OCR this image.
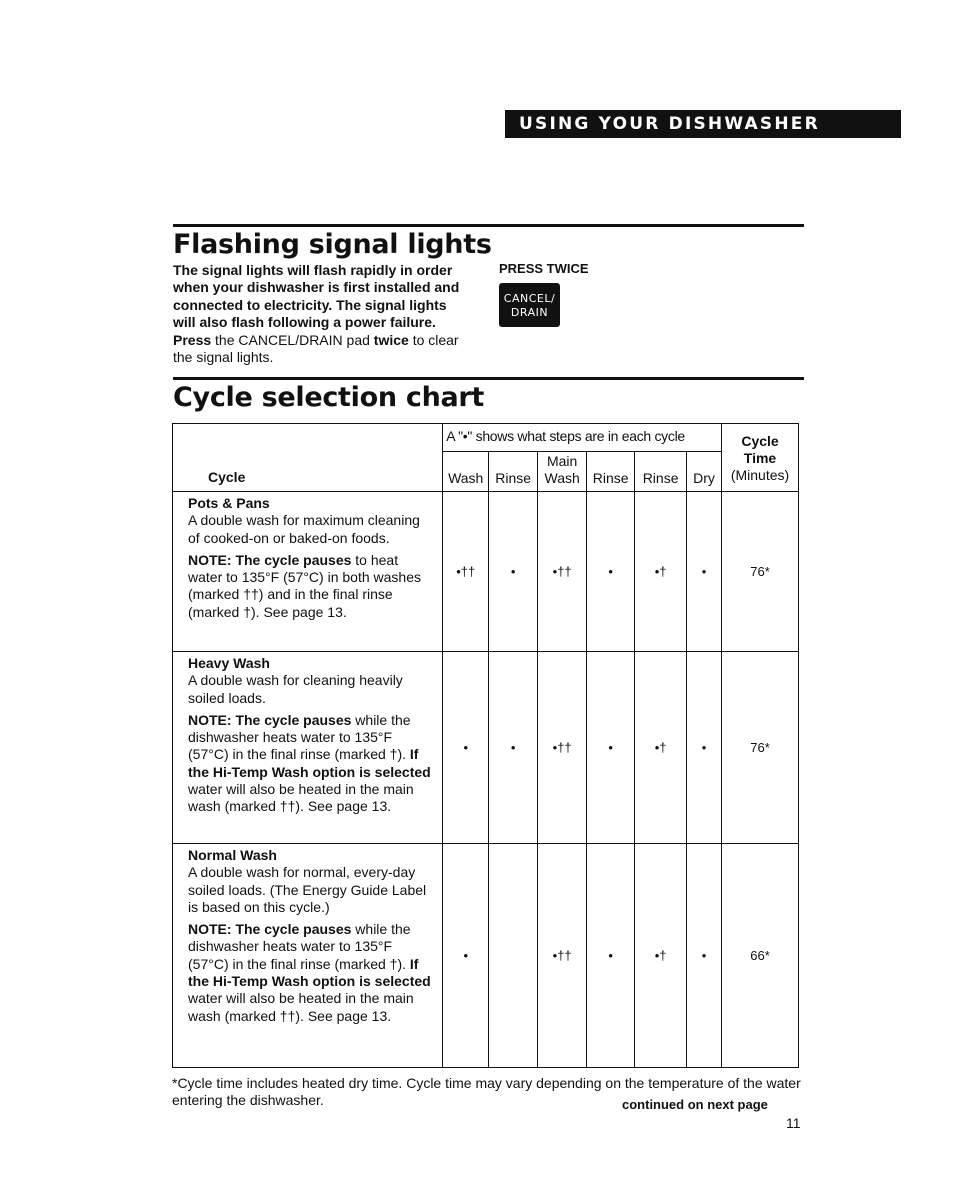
USING YOUR DISHWASHER
Flashing signal lights
The signal lights will flash rapidly in order when your dishwasher is first installed and connected to electricity. The signal lights will also flash following a power failure. Press the CANCEL/DRAIN pad twice to clear the signal lights.
PRESS TWICE
CANCEL/
DRAIN
Cycle selection chart
Cycle	A "•" shows what steps are in each cycle						Cycle
Time
(Minutes)

	Wash	Rinse	Main Wash	Rinse	Rinse	Dry	

Pots & Pans
A double wash for maximum cleaning of cooked-on or baked-on foods.

NOTE: The cycle pauses to heat water to 135°F (57°C) in both washes (marked ††) and in the final rinse (marked †). See page 13.	•††	•	•††	•	•†	•	76*

Heavy Wash
A double wash for cleaning heavily soiled loads.

NOTE: The cycle pauses while the dishwasher heats water to 135°F (57°C) in the final rinse (marked †). If the Hi-Temp Wash option is selected water will also be heated in the main wash (marked ††). See page 13.	•	•	•††	•	•†	•	76*

Normal Wash
A double wash for normal, every-day soiled loads. (The Energy Guide Label is based on this cycle.)

NOTE: The cycle pauses while the dishwasher heats water to 135°F (57°C) in the final rinse (marked †). If the Hi-Temp Wash option is selected water will also be heated in the main wash (marked ††). See page 13.	•		•††	•	•†	•	66*
*Cycle time includes heated dry time. Cycle time may vary depending on the temperature of the water entering the dishwasher.	continued on next page
11
